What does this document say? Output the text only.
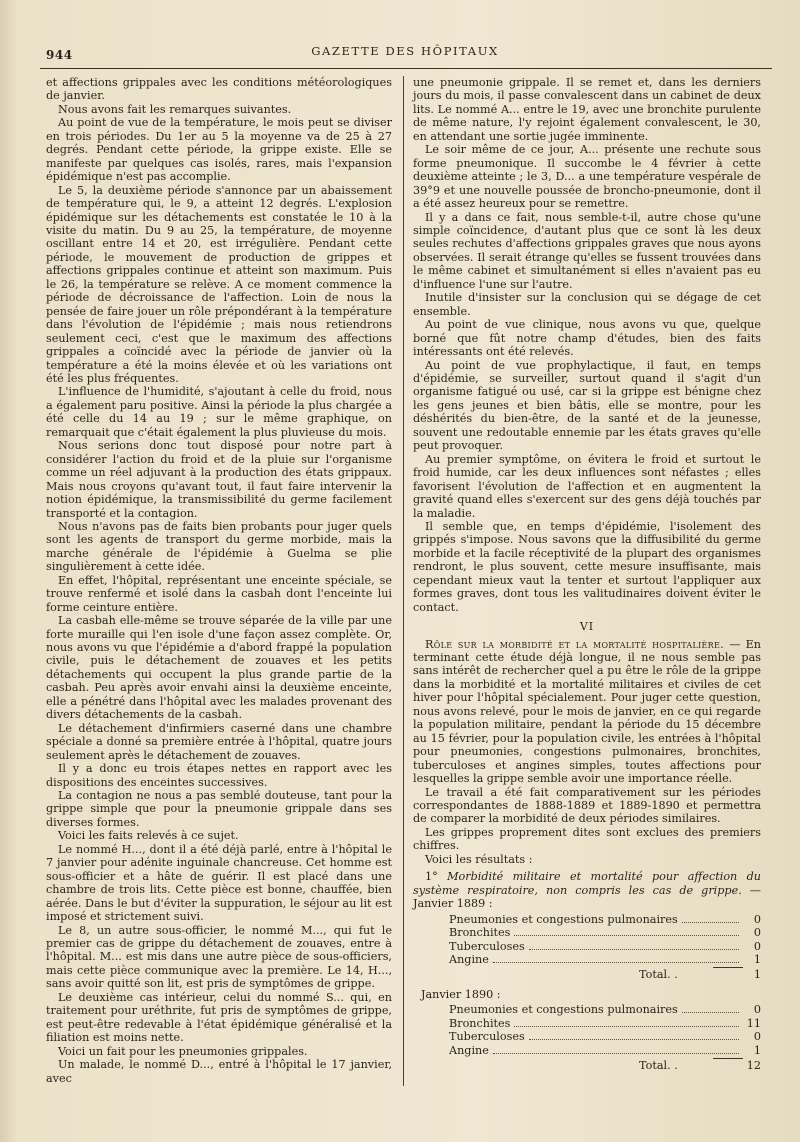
944	GAZETTE DES HÔPITAUX

et affections grippales avec les conditions météorologiques de janvier.

Nous avons fait les remarques suivantes.

Au point de vue de la température, le mois peut se diviser en trois périodes. Du 1er au 5 la moyenne va de 25 à 27 degrés. Pendant cette période, la grippe existe. Elle se manifeste par quelques cas isolés, rares, mais l'expansion épidémique n'est pas accomplie.

Le 5, la deuxième période s'annonce par un abaissement de température qui, le 9, a atteint 12 degrés. L'explosion épidémique sur les détachements est constatée le 10 à la visite du matin. Du 9 au 25, la température, de moyenne oscillant entre 14 et 20, est irrégulière. Pendant cette période, le mouvement de production de grippes et affections grippales continue et atteint son maximum. Puis le 26, la température se relève. A ce moment commence la période de décroissance de l'affection. Loin de nous la pensée de faire jouer un rôle prépondérant à la température dans l'évolution de l'épidémie ; mais nous retiendrons seulement ceci, c'est que le maximum des affections grippales a coïncidé avec la période de janvier où la température a été la moins élevée et où les variations ont été les plus fréquentes.

L'influence de l'humidité, s'ajoutant à celle du froid, nous a également paru positive. Ainsi la période la plus chargée a été celle du 14 au 19 ; sur le même graphique, on remarquait que c'était également la plus pluvieuse du mois.

Nous serions donc tout disposé pour notre part à considérer l'action du froid et de la pluie sur l'organisme comme un réel adjuvant à la production des états grippaux. Mais nous croyons qu'avant tout, il faut faire intervenir la notion épidémique, la transmissibilité du germe facilement transporté et la contagion.

Nous n'avons pas de faits bien probants pour juger quels sont les agents de transport du germe morbide, mais la marche générale de l'épidémie à Guelma se plie singulièrement à cette idée.

En effet, l'hôpital, représentant une enceinte spéciale, se trouve renfermé et isolé dans la casbah dont l'enceinte lui forme ceinture entière.

La casbah elle-même se trouve séparée de la ville par une forte muraille qui l'en isole d'une façon assez complète. Or, nous avons vu que l'épidémie a d'abord frappé la population civile, puis le détachement de zouaves et les petits détachements qui occupent la plus grande partie de la casbah. Peu après avoir envahi ainsi la deuxième enceinte, elle a pénétré dans l'hôpital avec les malades provenant des divers détachements de la casbah.

Le détachement d'infirmiers caserné dans une chambre spéciale a donné sa première entrée à l'hôpital, quatre jours seulement après le détachement de zouaves.

Il y a donc eu trois étapes nettes en rapport avec les dispositions des enceintes successives.

La contagion ne nous a pas semblé douteuse, tant pour la grippe simple que pour la pneumonie grippale dans ses diverses formes.

Voici les faits relevés à ce sujet.

Le nommé H..., dont il a été déjà parlé, entre à l'hôpital le 7 janvier pour adénite inguinale chancreuse. Cet homme est sous-officier et a hâte de guérir. Il est placé dans une chambre de trois lits. Cette pièce est bonne, chauffée, bien aérée. Dans le but d'éviter la suppuration, le séjour au lit est imposé et strictement suivi.

Le 8, un autre sous-officier, le nommé M..., qui fut le premier cas de grippe du détachement de zouaves, entre à l'hôpital. M... est mis dans une autre pièce de sous-officiers, mais cette pièce communique avec la première. Le 14, H..., sans avoir quitté son lit, est pris de symptômes de grippe.

Le deuxième cas intérieur, celui du nommé S... qui, en traitement pour uréthrite, fut pris de symptômes de grippe, est peut-être redevable à l'état épidémique généralisé et la filiation est moins nette.

Voici un fait pour les pneumonies grippales.

Un malade, le nommé D..., entré à l'hôpital le 17 janvier, avec

une pneumonie grippale. Il se remet et, dans les derniers jours du mois, il passe convalescent dans un cabinet de deux lits. Le nommé A... entre le 19, avec une bronchite purulente de même nature, l'y rejoint également convalescent, le 30, en attendant une sortie jugée imminente.

Le soir même de ce jour, A... présente une rechute sous forme pneumonique. Il succombe le 4 février à cette deuxième atteinte ; le 3, D... a une température vespérale de 39°9 et une nouvelle poussée de broncho-pneumonie, dont il a été assez heureux pour se remettre.

Il y a dans ce fait, nous semble-t-il, autre chose qu'une simple coïncidence, d'autant plus que ce sont là les deux seules rechutes d'affections grippales graves que nous ayons observées. Il serait étrange qu'elles se fussent trouvées dans le même cabinet et simultanément si elles n'avaient pas eu d'influence l'une sur l'autre.

Inutile d'insister sur la conclusion qui se dégage de cet ensemble.

Au point de vue clinique, nous avons vu que, quelque borné que fût notre champ d'études, bien des faits intéressants ont été relevés.

Au point de vue prophylactique, il faut, en temps d'épidémie, se surveiller, surtout quand il s'agit d'un organisme fatigué ou usé, car si la grippe est bénigne chez les gens jeunes et bien bâtis, elle se montre, pour les déshérités du bien-être, de la santé et de la jeunesse, souvent une redoutable ennemie par les états graves qu'elle peut provoquer.

Au premier symptôme, on évitera le froid et surtout le froid humide, car les deux influences sont néfastes ; elles favorisent l'évolution de l'affection et en augmentent la gravité quand elles s'exercent sur des gens déjà touchés par la maladie.

Il semble que, en temps d'épidémie, l'isolement des grippés s'impose. Nous savons que la diffusibilité du germe morbide et la facile réceptivité de la plupart des organismes rendront, le plus souvent, cette mesure insuffisante, mais cependant mieux vaut la tenter et surtout l'appliquer aux formes graves, dont tous les valitudinaires doivent éviter le contact.

VI

Rôle sur la morbidité et la mortalité hospitalière. — En terminant cette étude déjà longue, il ne nous semble pas sans intérêt de rechercher quel a pu être le rôle de la grippe dans la morbidité et la mortalité militaires et civiles de cet hiver pour l'hôpital spécialement. Pour juger cette question, nous avons relevé, pour le mois de janvier, en ce qui regarde la population militaire, pendant la période du 15 décembre au 15 février, pour la population civile, les entrées à l'hôpital pour pneumonies, congestions pulmonaires, bronchites, tuberculoses et angines simples, toutes affections pour lesquelles la grippe semble avoir une importance réelle.

Le travail a été fait comparativement sur les périodes correspondantes de 1888-1889 et 1889-1890 et permettra de comparer la morbidité de deux périodes similaires.

Les grippes proprement dites sont exclues des premiers chiffres.

Voici les résultats :

1° Morbidité militaire et mortalité pour affection du système respiratoire, non compris les cas de grippe. — Janvier 1889 :

Pneumonies et congestions pulmonaires	0
Bronchites	0
Tuberculoses	0
Angine	1
Total. .	1
Janvier 1890 :
Pneumonies et congestions pulmonaires	0
Bronchites	11
Tuberculoses	0
Angine	1
Total. .	12
